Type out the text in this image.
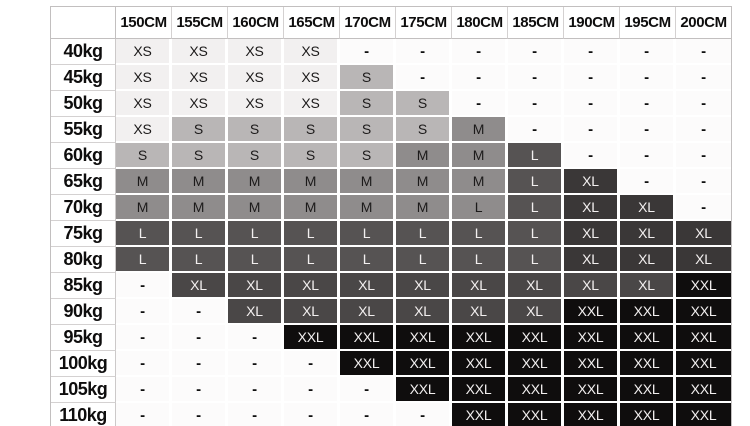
	150CM	155CM	160CM	165CM	170CM	175CM	180CM	185CM	190CM	195CM	200CM
40kg	XS	XS	XS	XS	-	-	-	-	-	-	-
45kg	XS	XS	XS	XS	S	-	-	-	-	-	-
50kg	XS	XS	XS	XS	S	S	-	-	-	-	-
55kg	XS	S	S	S	S	S	M	-	-	-	-
60kg	S	S	S	S	S	M	M	L	-	-	-
65kg	M	M	M	M	M	M	M	L	XL	-	-
70kg	M	M	M	M	M	M	L	L	XL	XL	-
75kg	L	L	L	L	L	L	L	L	XL	XL	XL
80kg	L	L	L	L	L	L	L	L	XL	XL	XL
85kg	-	XL	XL	XL	XL	XL	XL	XL	XL	XL	XXL
90kg	-	-	XL	XL	XL	XL	XL	XL	XXL	XXL	XXL
95kg	-	-	-	XXL	XXL	XXL	XXL	XXL	XXL	XXL	XXL
100kg	-	-	-	-	XXL	XXL	XXL	XXL	XXL	XXL	XXL
105kg	-	-	-	-	-	XXL	XXL	XXL	XXL	XXL	XXL
110kg	-	-	-	-	-	-	XXL	XXL	XXL	XXL	XXL
